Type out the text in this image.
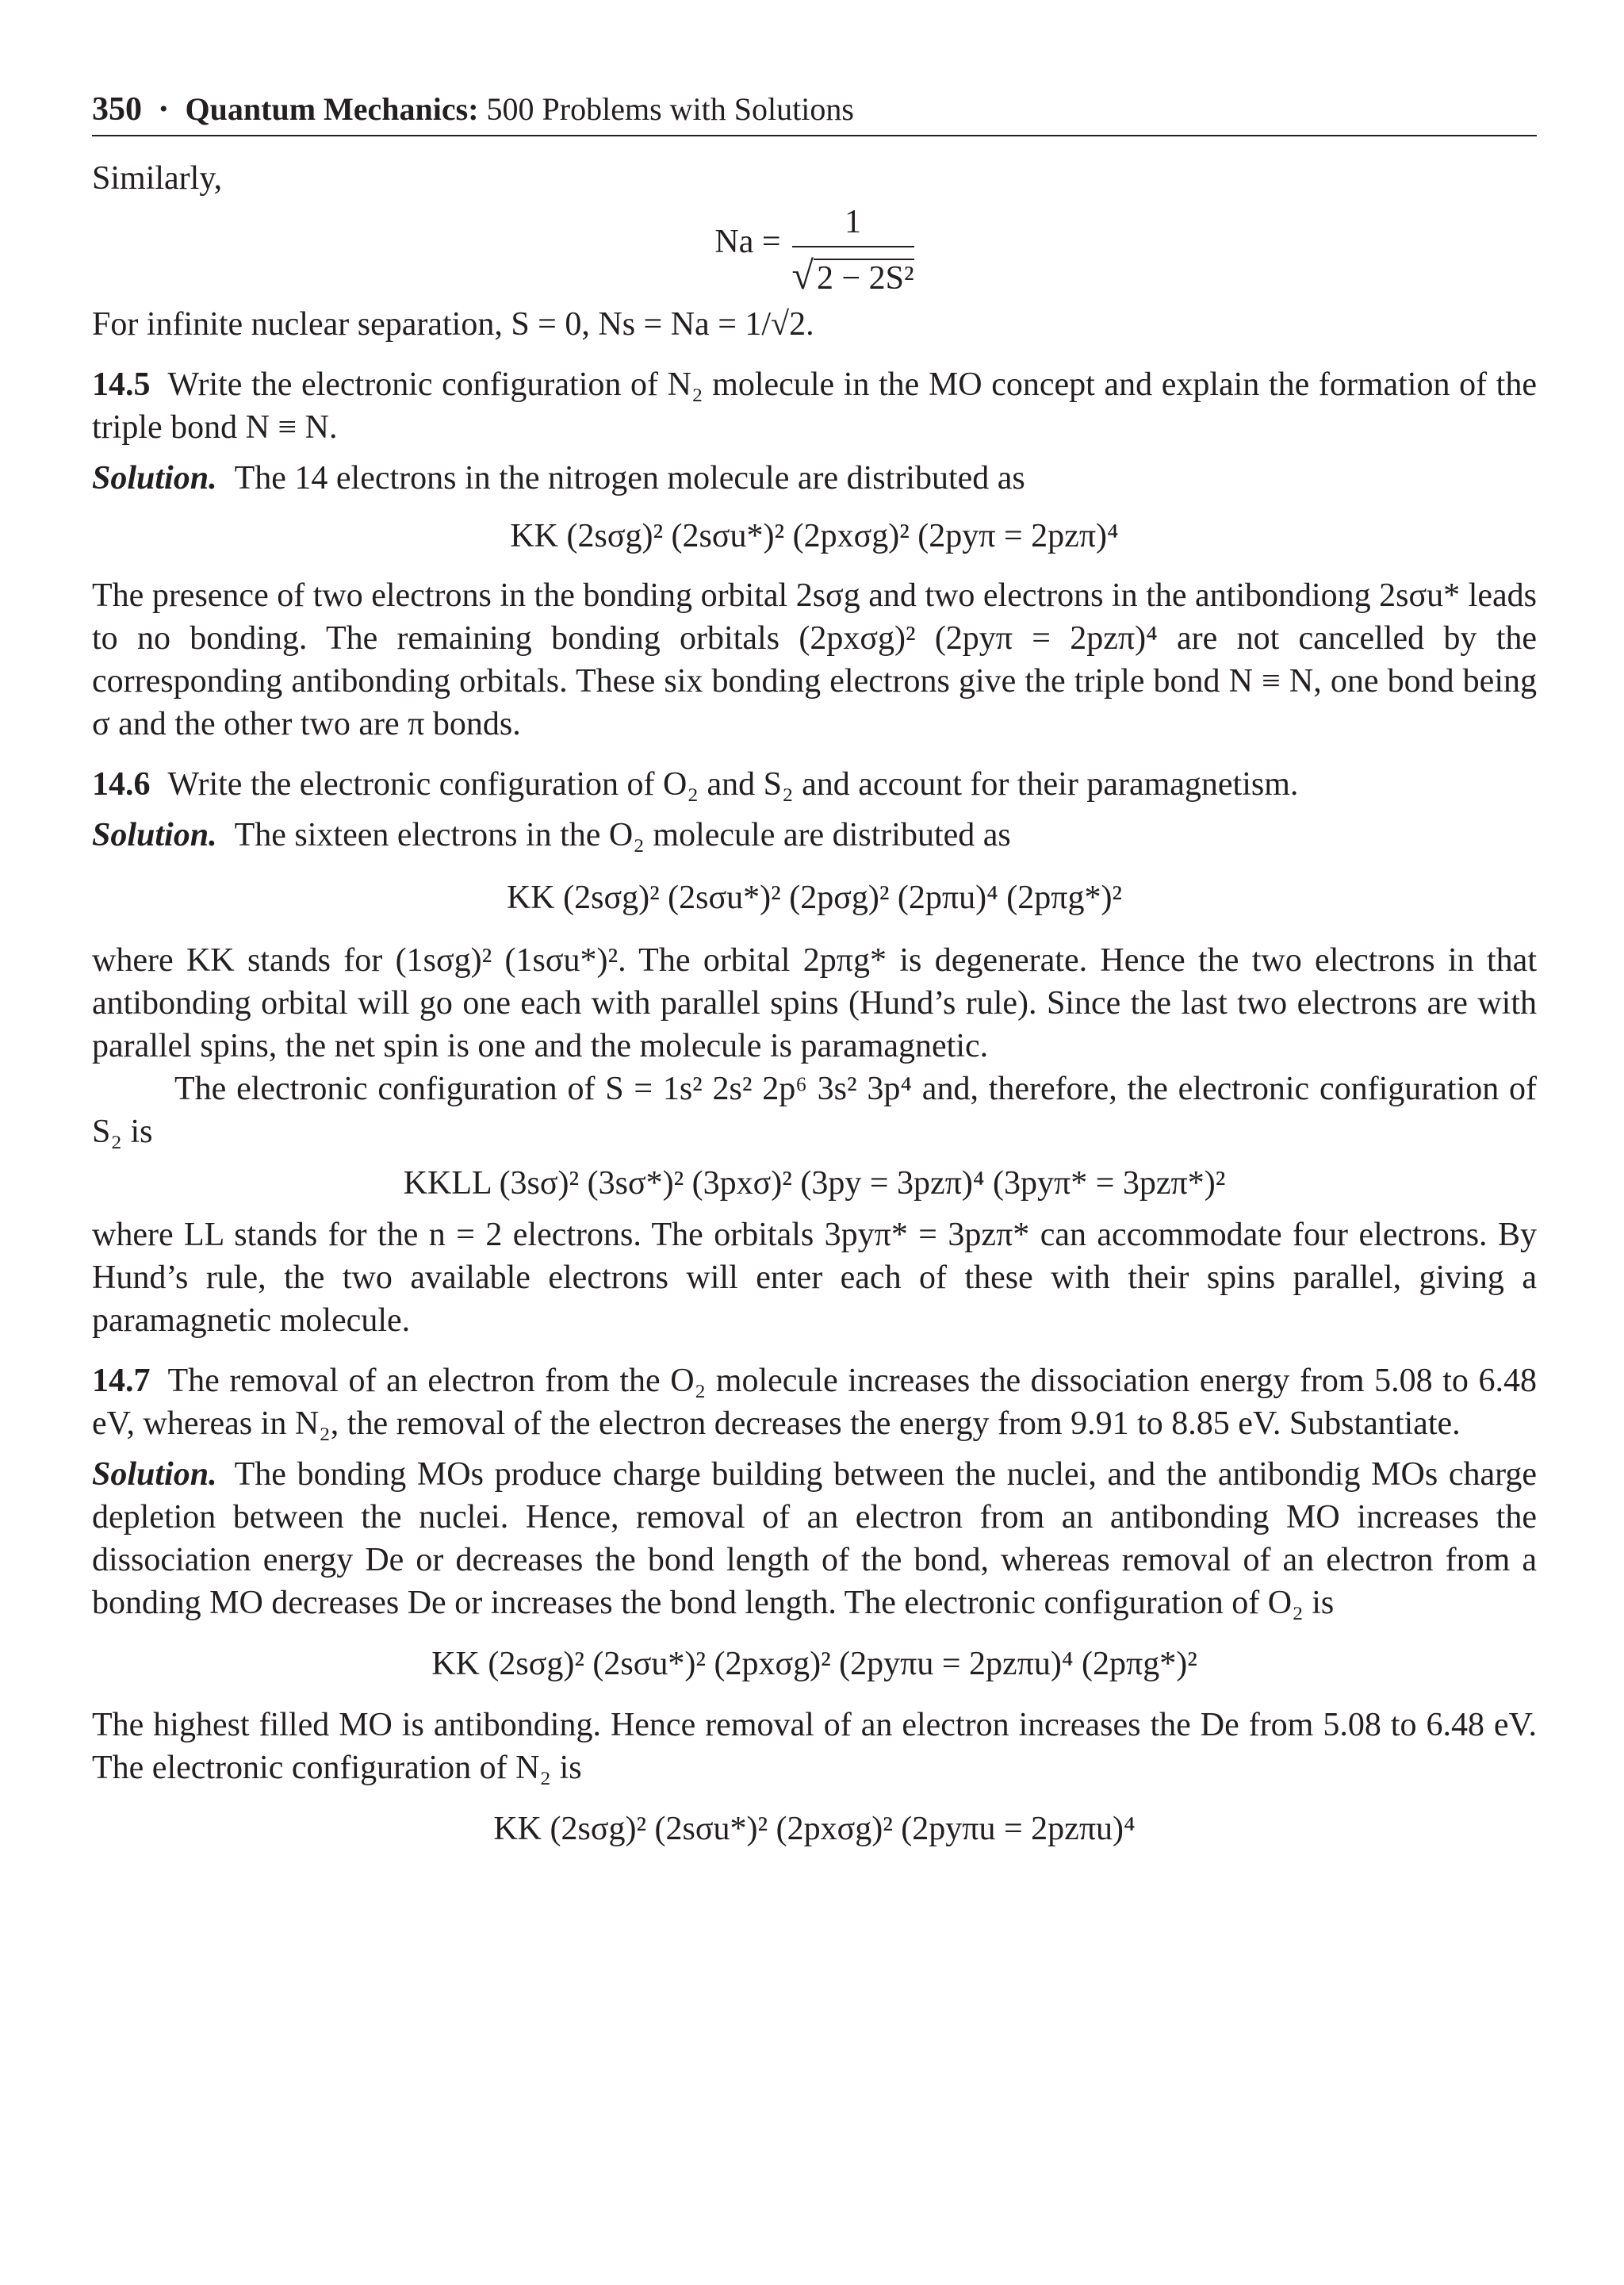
350 • Quantum Mechanics: 500 Problems with Solutions

Similarly,

$Na = \frac{1}{\text{√2 − 2S²}}$

For infinite nuclear separation, S = 0, Ns = Na = 1/√2.

14.5 Write the electronic configuration of N₂ molecule in the MO concept and explain the formation of the triple bond N ≡ N.

Solution. The 14 electrons in the nitrogen molecule are distributed as

KK (2sσg)² (2sσu*)² (2pxσg)² (2pyπ = 2pzπ)⁴

The presence of two electrons in the bonding orbital 2sσg and two electrons in the antibondiong 2sσu* leads to no bonding. The remaining bonding orbitals (2pxσg)² (2pyπ = 2pzπ)⁴ are not cancelled by the corresponding antibonding orbitals. These six bonding electrons give the triple bond N ≡ N, one bond being σ and the other two are π bonds.

14.6 Write the electronic configuration of O₂ and S₂ and account for their paramagnetism.

Solution. The sixteen electrons in the O₂ molecule are distributed as

KK (2sσg)² (2sσu*)² (2pσg)² (2pπu)⁴ (2pπg*)²

where KK stands for (1sσg)² (1sσu*)². The orbital 2pπg* is degenerate. Hence the two electrons in that antibonding orbital will go one each with parallel spins (Hund’s rule). Since the last two electrons are with parallel spins, the net spin is one and the molecule is paramagnetic.

The electronic configuration of S = 1s² 2s² 2p⁶ 3s² 3p⁴ and, therefore, the electronic configuration of S₂ is

KKLL (3sσ)² (3sσ*)² (3pxσ)² (3py = 3pzπ)⁴ (3pyπ* = 3pzπ*)²

where LL stands for the n = 2 electrons. The orbitals 3pyπ* = 3pzπ* can accommodate four electrons. By Hund’s rule, the two available electrons will enter each of these with their spins parallel, giving a paramagnetic molecule.

14.7 The removal of an electron from the O₂ molecule increases the dissociation energy from 5.08 to 6.48 eV, whereas in N₂, the removal of the electron decreases the energy from 9.91 to 8.85 eV. Substantiate.

Solution. The bonding MOs produce charge building between the nuclei, and the antibondig MOs charge depletion between the nuclei. Hence, removal of an electron from an antibonding MO increases the dissociation energy De or decreases the bond length of the bond, whereas removal of an electron from a bonding MO decreases De or increases the bond length. The electronic configuration of O₂ is

KK (2sσg)² (2sσu*)² (2pxσg)² (2pyπu = 2pzπu)⁴ (2pπg*)²

The highest filled MO is antibonding. Hence removal of an electron increases the De from 5.08 to 6.48 eV. The electronic configuration of N₂ is

KK (2sσg)² (2sσu*)² (2pxσg)² (2pyπu = 2pzπu)⁴
